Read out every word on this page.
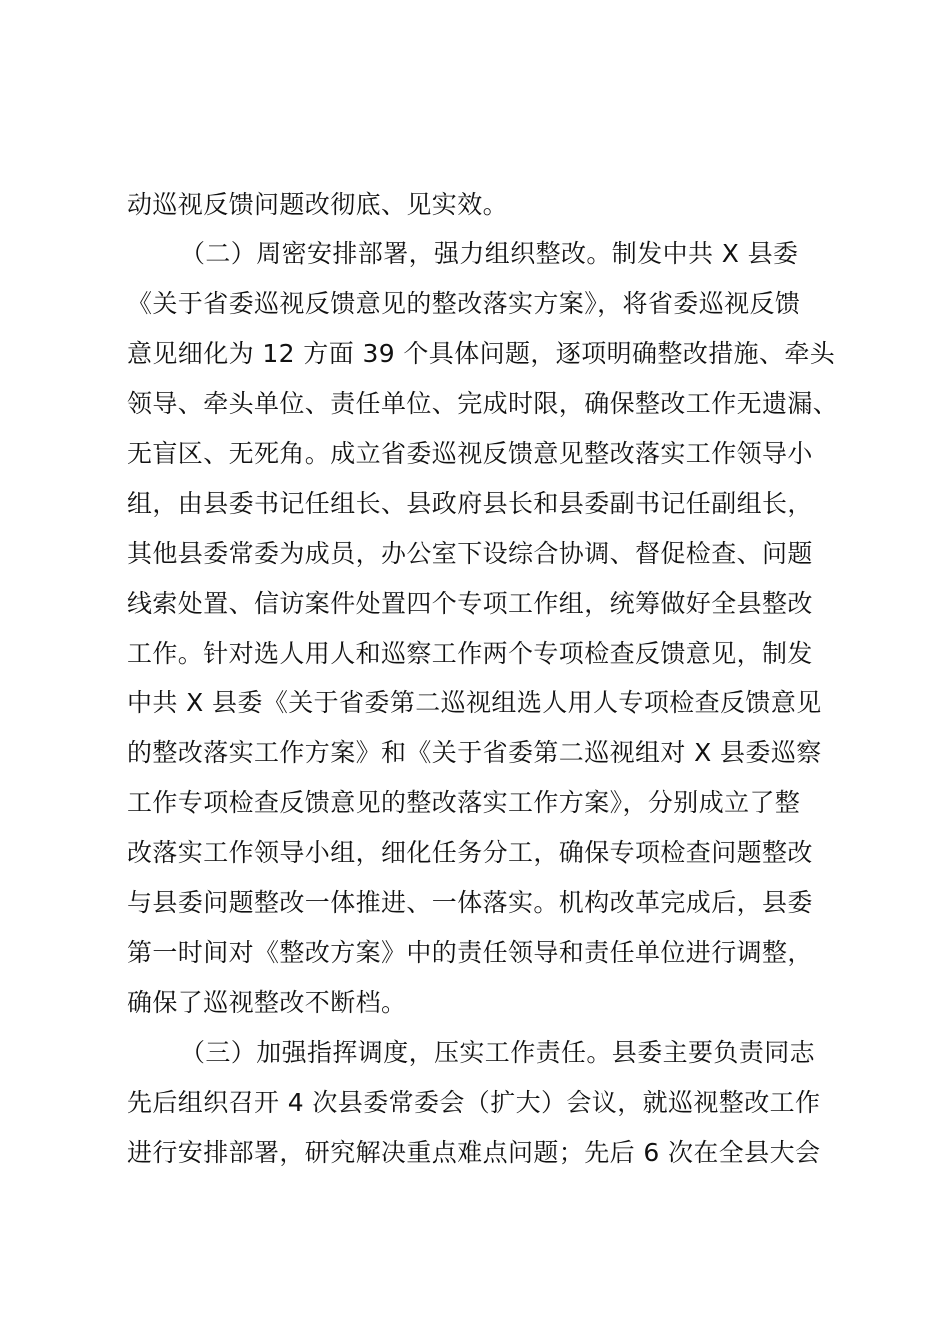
动巡视反馈问题改彻底、见实效。
（二）周密安排部署，强力组织整改。制发中共 X 县委
《关于省委巡视反馈意见的整改落实方案》，将省委巡视反馈
意见细化为 12 方面 39 个具体问题，逐项明确整改措施、牵头
领导、牵头单位、责任单位、完成时限，确保整改工作无遗漏、
无盲区、无死角。成立省委巡视反馈意见整改落实工作领导小
组，由县委书记任组长、县政府县长和县委副书记任副组长，
其他县委常委为成员，办公室下设综合协调、督促检查、问题
线索处置、信访案件处置四个专项工作组，统筹做好全县整改
工作。针对选人用人和巡察工作两个专项检查反馈意见，制发
中共 X 县委《关于省委第二巡视组选人用人专项检查反馈意见
的整改落实工作方案》和《关于省委第二巡视组对 X 县委巡察
工作专项检查反馈意见的整改落实工作方案》，分别成立了整
改落实工作领导小组，细化任务分工，确保专项检查问题整改
与县委问题整改一体推进、一体落实。机构改革完成后，县委
第一时间对《整改方案》中的责任领导和责任单位进行调整，
确保了巡视整改不断档。
（三）加强指挥调度，压实工作责任。县委主要负责同志
先后组织召开 4 次县委常委会（扩大）会议，就巡视整改工作
进行安排部署，研究解决重点难点问题；先后 6 次在全县大会
